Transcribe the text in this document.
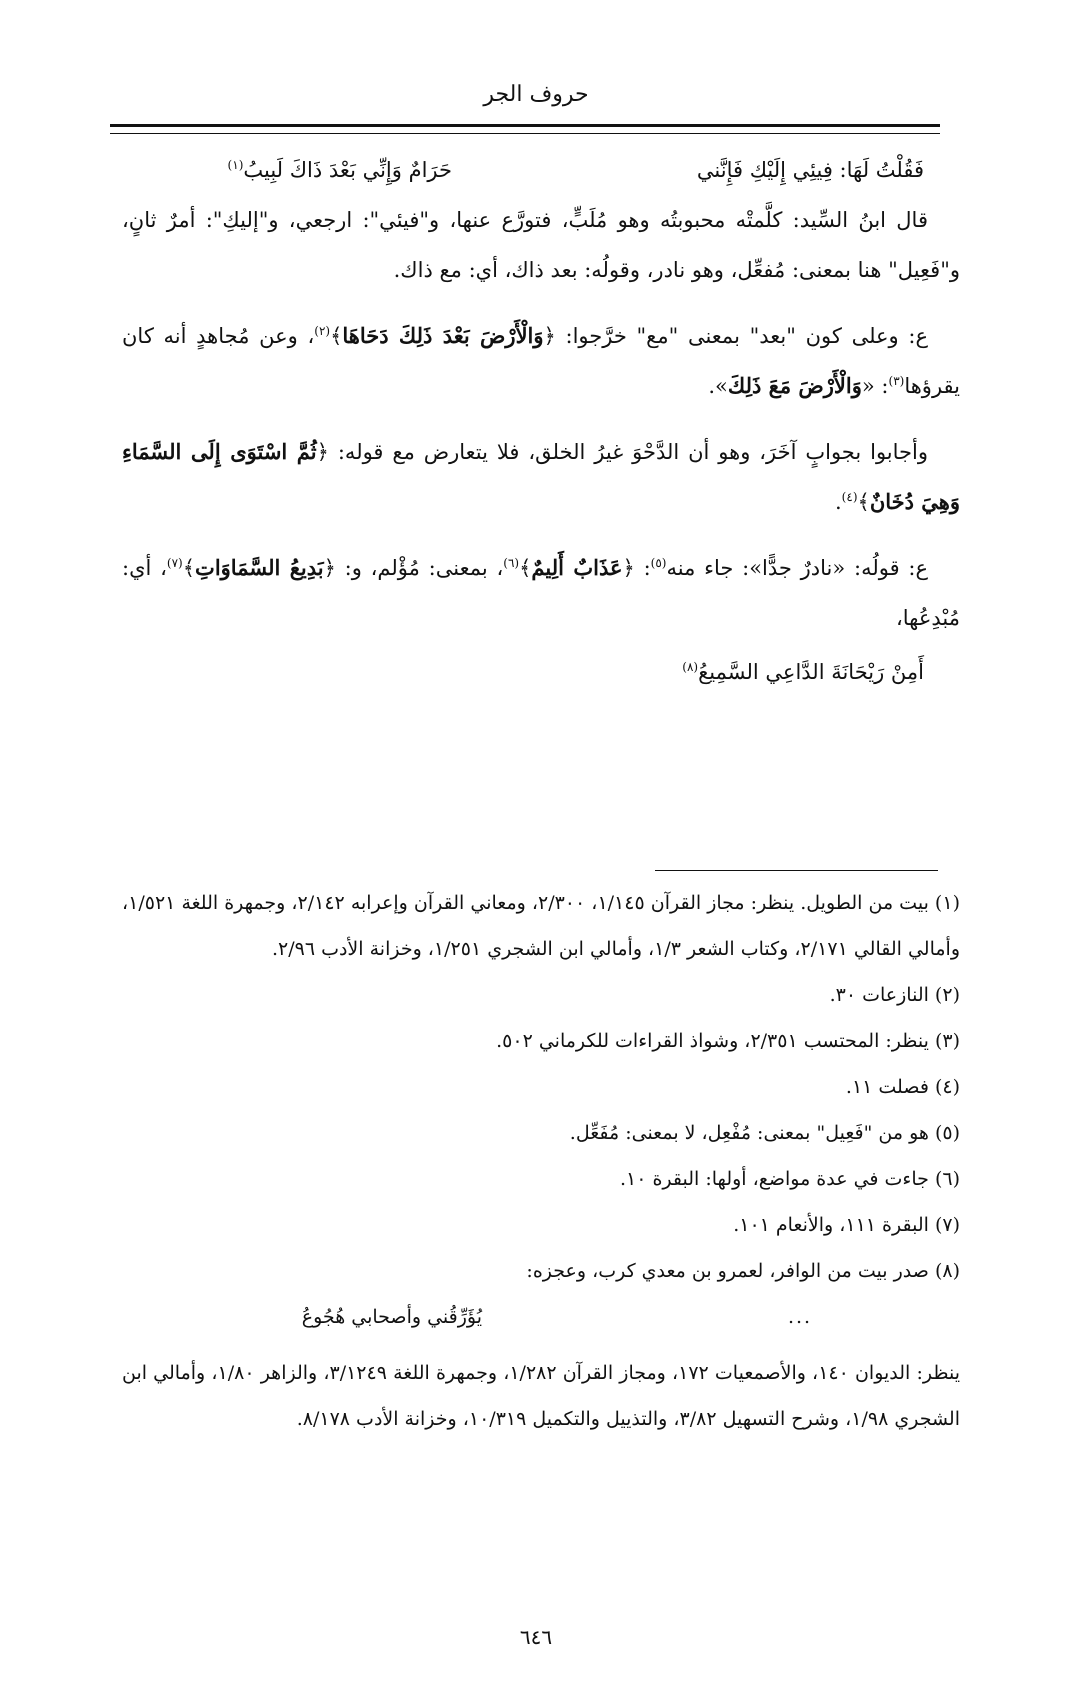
حروف الجر
فَقُلْتُ لَهَا: فِيئِي إِلَيْكِ فَإِنَّني
حَرَامٌ وَإِنِّي بَعْدَ ذَاكَ لَبِيبُ$^{(١)}$

قال ابنُ السِّيد: كلَّمتْه محبوبتُه وهو مُلَبٍّ، فتورَّع عنها، و"فيئي": ارجعي، و"إليكِ": أمرٌ ثانٍ، و"فَعِيل" هنا بمعنى: مُفعِّل، وهو نادر، وقولُه: بعد ذاك، أي: مع ذاك.

ع: وعلى كون "بعد" بمعنى "مع" خرَّجوا: ﴿وَالْأَرْضَ بَعْدَ ذَلِكَ دَحَاهَا﴾$^{(٢)}$، وعن مُجاهدٍ أنه كان يقرؤها$^{(٣)}$: «وَالْأَرْضَ مَعَ ذَلِكَ».

وأجابوا بجوابٍ آخَرَ، وهو أن الدَّحْوَ غيرُ الخلق، فلا يتعارض مع قوله: ﴿ثُمَّ اسْتَوَى إِلَى السَّمَاءِ وَهِيَ دُخَانٌ﴾$^{(٤)}$.

ع: قولُه: «نادرٌ جدًّا»: جاء منه$^{(٥)}$: ﴿عَذَابٌ أَلِيمٌ﴾$^{(٦)}$، بمعنى: مُؤْلم، و: ﴿بَدِيعُ السَّمَاوَاتِ﴾$^{(٧)}$، أي: مُبْدِعُها،

أَمِنْ رَيْحَانَةَ الدَّاعِي السَّمِيعُ$^{(٨)}$

(١) بيت من الطويل. ينظر: مجاز القرآن ١/١٤٥، ٢/٣٠٠، ومعاني القرآن وإعرابه ٢/١٤٢، وجمهرة اللغة ١/٥٢١، وأمالي القالي ٢/١٧١، وكتاب الشعر ١/٣، وأمالي ابن الشجري ١/٢٥١، وخزانة الأدب ٢/٩٦.

(٢) النازعات ٣٠.

(٣) ينظر: المحتسب ٢/٣٥١، وشواذ القراءات للكرماني ٥٠٢.

(٤) فصلت ١١.

(٥) هو من "فَعِيل" بمعنى: مُفْعِل، لا بمعنى: مُفَعِّل.

(٦) جاءت في عدة مواضع، أولها: البقرة ١٠.

(٧) البقرة ١١١، والأنعام ١٠١.

(٨) صدر بيت من الوافر، لعمرو بن معدي كرب، وعجزه:

...
يُؤَرِّقُني وأصحابي هُجُوعُ

ينظر: الديوان ١٤٠، والأصمعيات ١٧٢، ومجاز القرآن ١/٢٨٢، وجمهرة اللغة ٣/١٢٤٩، والزاهر ١/٨٠، وأمالي ابن الشجري ١/٩٨، وشرح التسهيل ٣/٨٢، والتذييل والتكميل ١٠/٣١٩، وخزانة الأدب ٨/١٧٨.

٦٤٦
